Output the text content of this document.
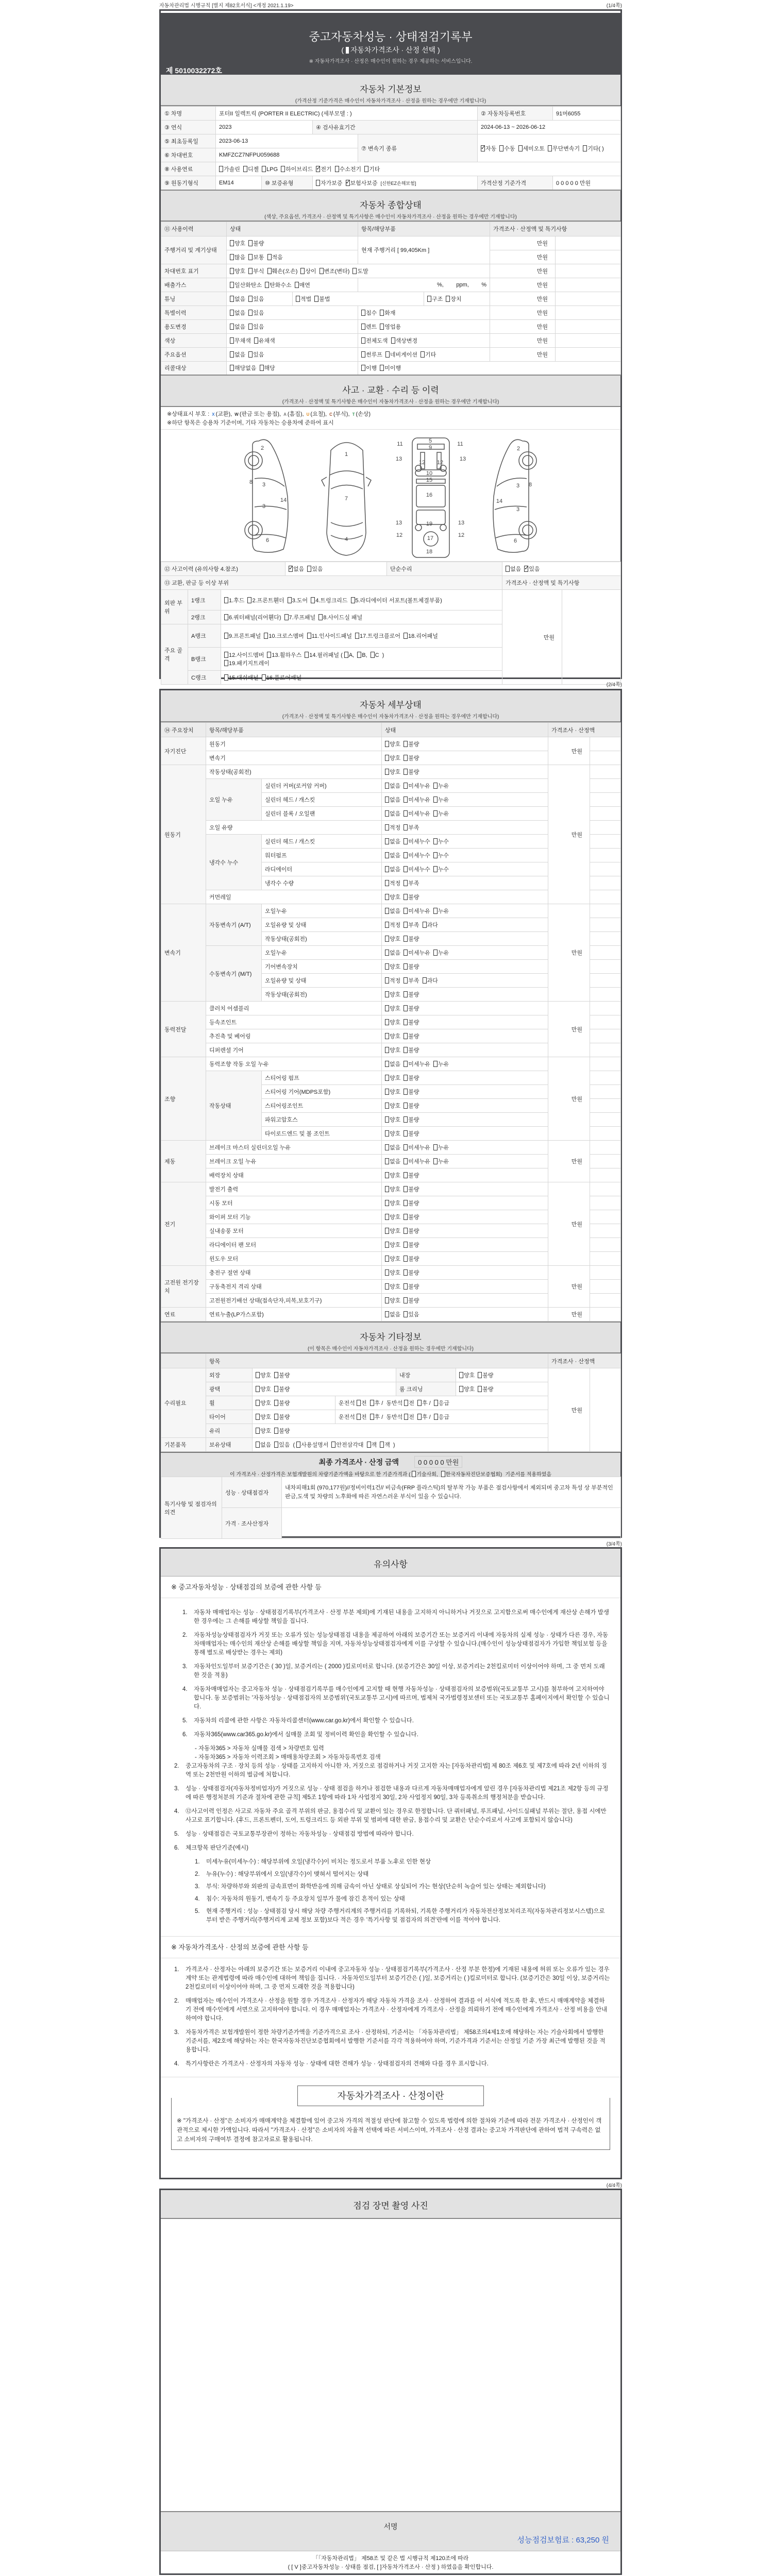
자동차관리법 시행규칙 [별지 제82호서식] <개정 2021.1.19>	(1/4쪽)
중고자동차성능 · 상태점검기록부
( 자동차가격조사 · 산정 선택 )
※ 자동차가격조사 · 산정은 매수인이 원하는 경우 제공하는 서비스입니다.
제 5010032272호
자동차 기본정보
(가격산정 기준가격은 매수인이 자동차가격조사 · 산정을 원하는 경우에만 기재합니다)
① 차명	포터II 일렉트릭 (PORTER II ELECTRIC) (세부모델 : )				② 자동차등록번호	91머6055
③ 연식	2023		④ 검사유효기간		2024-06-13 ~ 2026-06-12	
⑤ 최초등록일	2023-06-13			⑦ 변속기 종류	✓자동 수동 세미오토 무단변속기 기타( )
⑥ 차대번호	KMFZCZ7NFPU059688					
⑧ 사용연료	가솔린 디젤 LPG 하이브리드 ✓ 전기 수소전기 기타
⑨ 원동기형식	EM14	⑩ 보증유형	자가보증 ✓ 보험사보증 [신한EZ손해보험]		가격산정 기준가격	0 0 0 0 0 만원
자동차 종합상태
(색상, 주요옵션, 가격조사 · 산정액 및 특기사항은 매수인이 자동차가격조사 · 산정을 원하는 경우에만 기재합니다)
⑪ 사용이력	상태		항목/해당부품		가격조사 · 산정액 및 특기사항	
주행거리 및 계기상태	양호 불량		현재 주행거리 [ 99,405Km ]		만원	
	많음 보통 적음				만원	
차대번호 표기	양호 부식 훼손(오손) 상이 변조(변타) 도말				만원	
배출가스	일산화탄소 탄화수소 매연		%,        ppm,        %		만원	
튜닝	없음 있음	적법 불법		구조 장치	만원	
특별이력	없음 있음		침수 화재		만원	
용도변경	없음 있음		렌트 영업용		만원	
색상	무채색 유채색		전체도색 색상변경		만원	
주요옵션	없음 있음		썬루프 네비게이션 기타		만원	
리콜대상	해당없음 해당		이행 미이행			
사고 · 교환 · 수리 등 이력
(가격조사 · 산정액 및 특기사항은 매수인이 자동차가격조사 · 산정을 원하는 경우에만 기재합니다)
※상태표시 부호 : X (교환), W (판금 또는 용접), A (흠집), U (요철), C (부식), T (손상)
※하단 항목은 승용차 기준이며, 기타 자동차는 승용차에 준하여 표시
2
8 3
14
3
6
1
7
4
5
9
11	11
13	13
12 12
10
15
16
13	19	13
12	17	12
18
2
3 8
14
3
6
⑫ 사고이력 (유의사항 4.참조)	✓없음 있음	단순수리	없음 ✓ 있음
⑬ 교환, 판금 등 이상 부위					가격조사 · 산정액 및 특기사항	
외판 부위	1랭크	1.후드 2.프론트휀더 3.도어 4.트렁크리드 5.라디에이터 서포트(볼트체결부품)			만원	
	2랭크	6.쿼터패널(리어휀다) 7.루프패널 8.사이드실 패널				
주요 골격	A랭크	9.프론트패널 10.크로스멤버 11.인사이드패널 17.트렁크플로어 18.리어패널				
	B랭크	12.사이드멤버 13.휠하우스 14.필러패널 ( A, B, C )
19.패키지트레이				
	C랭크	15.대쉬패널 16.플로어패널				
(2/4쪽)
자동차 세부상태
(가격조사 · 산정액 및 특기사항은 매수인이 자동차가격조사 · 산정을 원하는 경우에만 기재합니다)
⑭ 주요장치	항목/해당부품		상태	가격조사 · 산정액	
자기진단	원동기		양호 불량	만원	
	변속기		양호 불량		
원동기	작동상태(공회전)		양호 불량	만원	
	오일 누유	실린더 커버(로커암 커버)	없음 미세누유 누유		
		실린더 헤드 / 개스킷	없음 미세누유 누유		
		실린더 블록 / 오일팬	없음 미세누유 누유		
	오일 유량		적정 부족		
	냉각수 누수	실린더 헤드 / 개스킷	없음 미세누수 누수		
		워터펌프	없음 미세누수 누수		
		라디에이터	없음 미세누수 누수		
		냉각수 수량	적정 부족		
	커먼레일		양호 불량		
변속기	자동변속기 (A/T)	오일누유	없음 미세누유 누유	만원	
		오일유량 및 상태	적정 부족 과다		
		작동상태(공회전)	양호 불량		
	수동변속기 (M/T)	오일누유	없음 미세누유 누유		
		기어변속장치	양호 불량		
		오일유량 및 상태	적정 부족 과다		
		작동상태(공회전)	양호 불량		
동력전달	클러치 어셈블리		양호 불량	만원	
	등속조인트		양호 불량		
	추진축 및 베어링		양호 불량		
	디퍼렌셜 기어		양호 불량		
조향	동력조향 작동 오일 누유		없음 미세누유 누유	만원	
	작동상태	스티어링 펌프	양호 불량		
		스티어링 기어(MDPS포함)	양호 불량		
		스티어링조인트	양호 불량		
		파워고압호스	양호 불량		
		타이로드엔드 및 볼 조인트	양호 불량		
제동	브레이크 마스터 실린더오일 누유		없음 미세누유 누유	만원	
	브레이크 오일 누유		없음 미세누유 누유		
	배력장치 상태		양호 불량		
전기	발전기 출력		양호 불량	만원	
	시동 모터		양호 불량		
	와이퍼 모터 기능		양호 불량		
	실내송풍 모터		양호 불량		
	라디에이터 팬 모터		양호 불량		
	윈도우 모터		양호 불량		
고전원 전기장치	충전구 절연 상태		양호 불량	만원	
	구동축전지 격리 상태		양호 불량		
	고전원전기배선 상태(접속단자,피복,보호기구)		양호 불량		
연료	연료누출(LP가스포함)		없음 있음	만원	
자동차 기타정보
(이 항목은 매수인이 자동차가격조사 · 산정을 원하는 경우에만 기재합니다)
	항목					가격조사 · 산정액	
수리필요	외장	양호 불량		내장	양호 불량	만원	
	광택	양호 불량		룸 크리닝	양호 불량		
	휠	양호 불량	운전석 전 후 / 동반석 전 후 / 응급				
	타이어	양호 불량	운전석 전 후 / 동반석 전 후 / 응급				
	유리	양호 불량					
기본품목	보유상태	없음 있음 ( 사용설명서 안전삼각대 잭 잭 )					
최종 가격조사 · 산정 금액	0 0 0 0 0 만원
이 가격조사 · 산정가격은 보험개발원의 차량기준가액을 바탕으로 한 기준가격과 ( 기술사회, 한국자동차진단보증협회) 기준서를 적용하였음
특기사항 및 점검자의 의견	성능 · 상태점검자	내차피해1회 (970,177원)//정비이력1건// 비금속(FRP 플라스틱)의 탈부착 가능 부품은 점검사항에서 제외되며 중고차 특성 상 부분적인 판금,도색 및 차량의 노후화에 따른 자연스러운 부식이 있을 수 있습니다.
	가격 · 조사산정자	
(3/4쪽)
유의사항
※ 중고자동차성능 · 상태점검의 보증에 관한 사항 등
1.	자동차 매매업자는 성능 · 상태점검기록부(가격조사 · 산정 부분 제외)에 기재된 내용을 고지하지 아니하거나 거짓으로 고지함으로써 매수인에게 재산상 손해가 발생한 경우에는 그 손해를 배상할 책임을 집니다.
2.	자동차성능상태점검자가 거짓 또는 오류가 있는 성능상태점검 내용을 제공하여 아래의 보증기간 또는 보증거리 이내에 자동차의 실제 성능 · 상태가 다른 경우, 자동차매매업자는 매수인의 재산상 손해를 배상할 책임을 지며, 자동차성능상태점검자에게 이를 구상할 수 있습니다.(매수인이 성능상태점검자가 가입한 책임보험 등을 통해 별도로 배상받는 경우는 제외)
3.	자동차인도일부터 보증기간은 ( 30 )일, 보증거리는 ( 2000 )킬로미터로 합니다. (보증기간은 30일 이상, 보증거리는 2천킬로미터 이상이어야 하며, 그 중 먼저 도래한 것을 적용)
4.	자동차매매업자는 중고자동차 성능 · 상태점검기록부를 매수인에게 고지할 때 현행 자동차성능 · 상태점검자의 보증범위(국토교통부 고시)를 첨부하여 고지하여야 합니다. 동 보증범위는 '자동차성능 · 상태점검자의 보증범위'(국토교통부 고시)에 따르며, 법제처 국가법령정보센터 또는 국토교통부 홈페이지에서 확인할 수 있습니다.
5.	자동차의 리콜에 관한 사항은 자동차리콜센터(www.car.go.kr)에서 확인할 수 있습니다.
6.	자동차365(www.car365.go.kr)에서 실매물 조회 및 정비이력 확인을 확인할 수 있습니다.
- 자동차365 > 자동차 실매물 검색 > 차량번호 입력
- 자동차365 > 자동차 이력조회 > 매매용차량조회 > 자동차등록번호 검색
2.	중고자동차의 구조 · 장치 등의 성능 · 상태를 고지하지 아니한 자, 거짓으로 점검하거나 거짓 고지한 자는 [자동차관리법] 제 80조 제6호 및 제7호에 따라 2년 이하의 징역 또는 2천만원 이하의 벌금에 처합니다.
3.	성능 · 상태점검자(자동차정비업자)가 거짓으로 성능 · 상태 점검을 하거나 점검한 내용과 다르게 자동차매매업자에게 알린 경우 [자동차관리법 제21조 제2항 등의 규정에 따른 행정처분의 기준과 절차에 관한 규칙] 제5조 1항에 따라 1차 사업정지 30일, 2차 사업정지 90일, 3차 등록취소의 행정처분을 받습니다.
4.	⑫사고이력 인정은 사고로 자동차 주요 골격 부위의 판금, 용접수리 및 교환이 있는 경우로 한정합니다. 단 쿼터패널, 루프패널, 사이드실패널 부위는 절단, 용접 시에만 사고로 표기합니다. (후드, 프론트펜더, 도어, 트렁크리드 등 외판 부위 및 범퍼에 대한 판금, 용접수리 및 교환은 단순수리로서 사고에 포함되지 않습니다)
5.	성능 · 상태점검은 국토교통부장관이 정하는 자동차성능 · 상태점검 방법에 따라야 합니다.
6.	체크항목 판단기준(예시)
1.	미세누유(미세누수) : 해당부위에 오일(냉각수)이 비치는 정도로서 부품 노후로 인한 현상
2.	누유(누수) : 해당부위에서 오일(냉각수)이 맺혀서 떨어지는 상태
3.	부식: 차량하부와 외판의 금속표면이 화학반응에 의해 금속이 아닌 상태로 상실되어 가는 현상(단순히 녹슬어 있는 상태는 제외합니다)
4.	침수: 자동차의 원동기, 변속기 등 주요장치 일부가 물에 잠긴 흔적이 있는 상태
5.	현재 주행거리 : 성능 · 상태점검 당시 해당 차량 주행거리계의 주행거리를 기록하되, 기록한 주행거리가 자동차전산정보처리조직(자동차관리정보시스템)으로부터 받은 주행거리(주행거리계 교체 정보 포함)보다 적은 경우 '특기사항 및 점검자의 의견'란에 이를 적어야 합니다.
※ 자동차가격조사 · 산정의 보증에 관한 사항 등
1.	가격조사 · 산정자는 아래의 보증기간 또는 보증거리 이내에 중고자동차 성능 · 상태점검기록부(가격조사 · 산정 부분 한정)에 기재된 내용에 허위 또는 오류가 있는 경우 계약 또는 관계법령에 따라 매수인에 대하여 책임을 집니다. · 자동차인도일부터 보증기간은 ( )일, 보증거리는 ( )킬로미터로 합니다. (보증기간은 30일 이상, 보증거리는 2천킬로미터 이상이어야 하며, 그 중 먼저 도래한 것을 적용합니다)
2.	매매업자는 매수인이 가격조사 · 산정을 원할 경우 가격조사 · 산정자가 해당 자동차 가격을 조사 · 산정하여 결과를 이 서식에 적도록 한 후, 반드시 매매계약을 체결하기 전에 매수인에게 서면으로 고지하여야 합니다. 이 경우 매매업자는 가격조사 · 산정자에게 가격조사 · 산정을 의뢰하기 전에 매수인에게 가격조사 · 산정 비용을 안내하여야 합니다.
3.	자동차가격은 보험개발원이 정한 차량기준가액을 기준가격으로 조사 · 산정하되, 기준서는 「자동차관리법」 제58조의4제1호에 해당하는 자는 기술사회에서 발행한 기준서를, 제2호에 해당하는 자는 한국자동차진단보증협회에서 발행한 기준서를 각각 적용하여야 하며, 기준가격과 기준서는 산정일 기준 가장 최근에 발행된 것을 적용합니다.
4.	특기사항란은 가격조사 · 산정자의 자동차 성능 · 상태에 대한 견해가 성능 · 상태점검자의 견해와 다를 경우 표시합니다.
자동차가격조사 · 산정이란
※ "가격조사 · 산정"은 소비자가 매매계약을 체결함에 있어 중고차 가격의 적절성 판단에 참고할 수 있도록 법령에 의한 절차와 기준에 따라 전문 가격조사 · 산정인이 객관적으로 제시한 가액입니다. 따라서 "가격조사 · 산정"은 소비자의 자율적 선택에 따른 서비스이며, 가격조사 · 산정 결과는 중고차 가격판단에 관하여 법적 구속력은 없고 소비자의 구매여부 결정에 참고자료로 활용됩니다.
(4/4쪽)
점검 장면 촬영 사진
서명
성능점검보험료 : 63,250 원
「「자동차관리법」 제58조 및 같은 법 시행규칙 제120조에 따라
( [ V ]중고자동차성능 · 상태를 점검, [ ]자동차가격조사 · 산정 ) 하였음을 확인합니다.
